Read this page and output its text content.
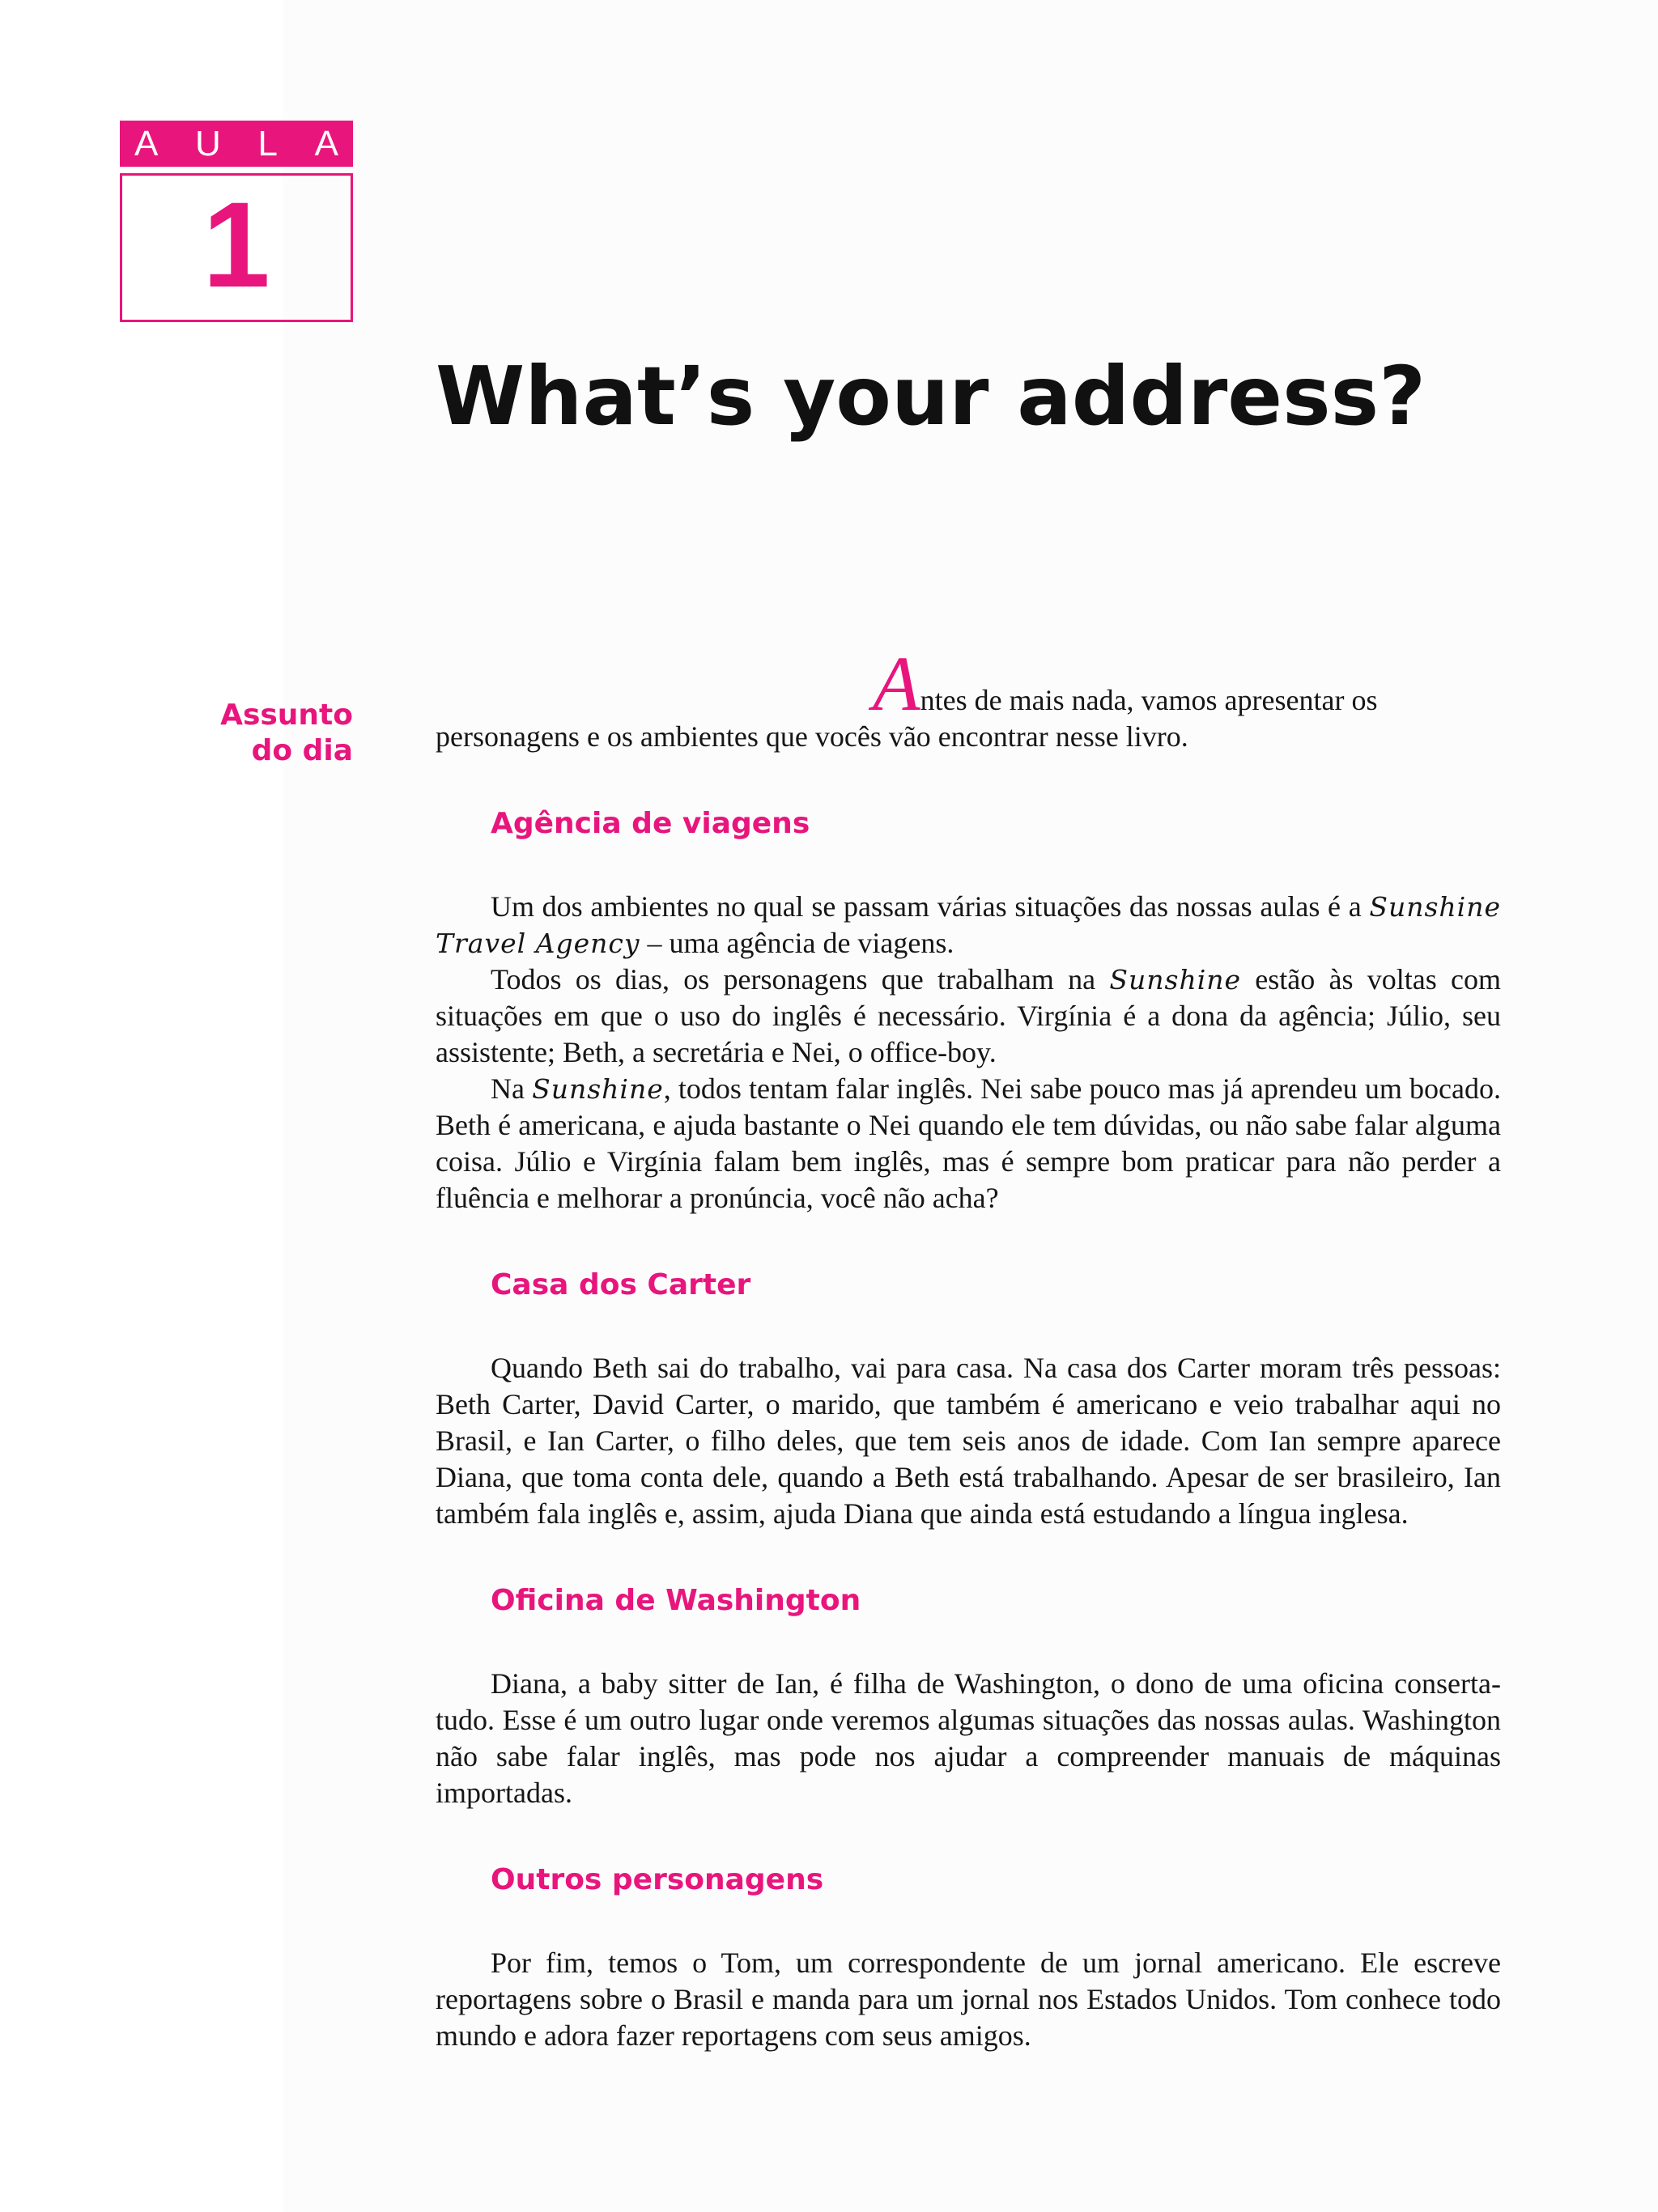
A U L A
1
What’s your address?
Assunto
do dia

Antes de mais nada, vamos apresentar os
personagens e os ambientes que vocês vão encontrar nesse livro.

Agência de viagens

Um dos ambientes no qual se passam várias situações das nossas aulas é a Sunshine Travel Agency – uma agência de viagens.

Todos os dias, os personagens que trabalham na Sunshine estão às voltas com situações em que o uso do inglês é necessário. Virgínia é a dona da agência; Júlio, seu assistente; Beth, a secretária e Nei, o office-boy.

Na Sunshine, todos tentam falar inglês. Nei sabe pouco mas já aprendeu um bocado. Beth é americana, e ajuda bastante o Nei quando ele tem dúvidas, ou não sabe falar alguma coisa. Júlio e Virgínia falam bem inglês, mas é sempre bom praticar para não perder a fluência e melhorar a pronúncia, você não acha?

Casa dos Carter

Quando Beth sai do trabalho, vai para casa. Na casa dos Carter moram três pessoas: Beth Carter, David Carter, o marido, que também é americano e veio trabalhar aqui no Brasil, e Ian Carter, o filho deles, que tem seis anos de idade. Com Ian sempre aparece Diana, que toma conta dele, quando a Beth está trabalhando. Apesar de ser brasileiro, Ian também fala inglês e, assim, ajuda Diana que ainda está estudando a língua inglesa.

Oficina de Washington

Diana, a baby sitter de Ian, é filha de Washington, o dono de uma oficina conserta-tudo. Esse é um outro lugar onde veremos algumas situações das nossas aulas. Washington não sabe falar inglês, mas pode nos ajudar a compreender manuais de máquinas importadas.

Outros personagens

Por fim, temos o Tom, um correspondente de um jornal americano. Ele escreve reportagens sobre o Brasil e manda para um jornal nos Estados Unidos. Tom conhece todo mundo e adora fazer reportagens com seus amigos.
